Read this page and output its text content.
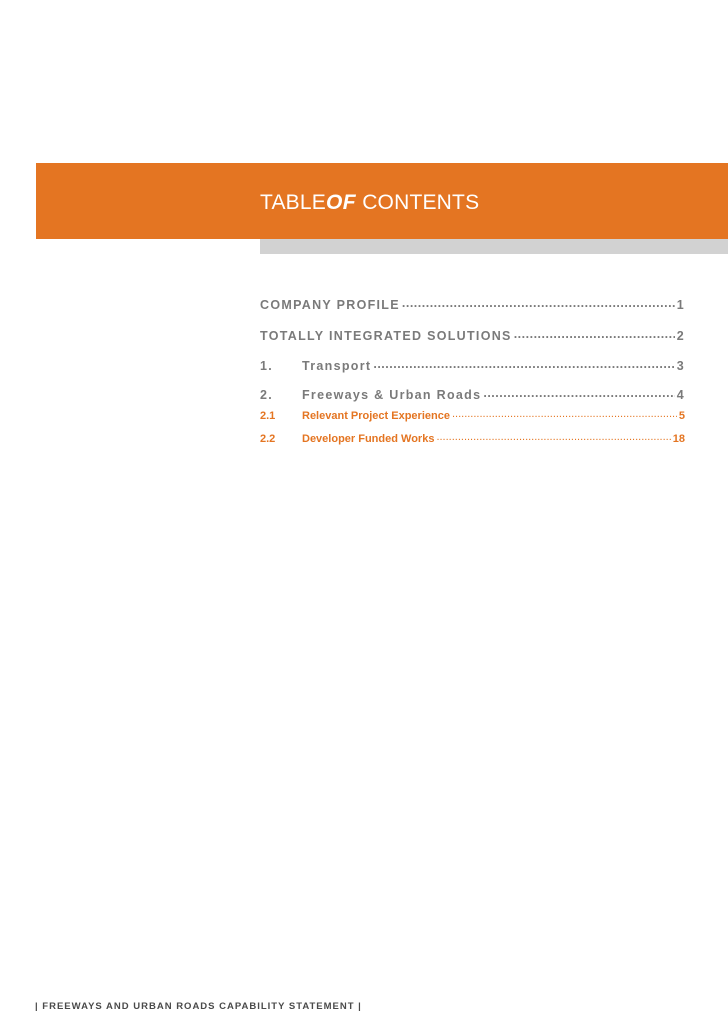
TABLEOF CONTENTS
COMPANY PROFILE .....	1
TOTALLY INTEGRATED SOLUTIONS .....	2
1.	Transport .....	3
2.	Freeways & Urban Roads .....	4
2.1	Relevant Project Experience .....	5
2.2	Developer Funded Works .....	18
| FREEWAYS AND URBAN ROADS CAPABILITY STATEMENT |
